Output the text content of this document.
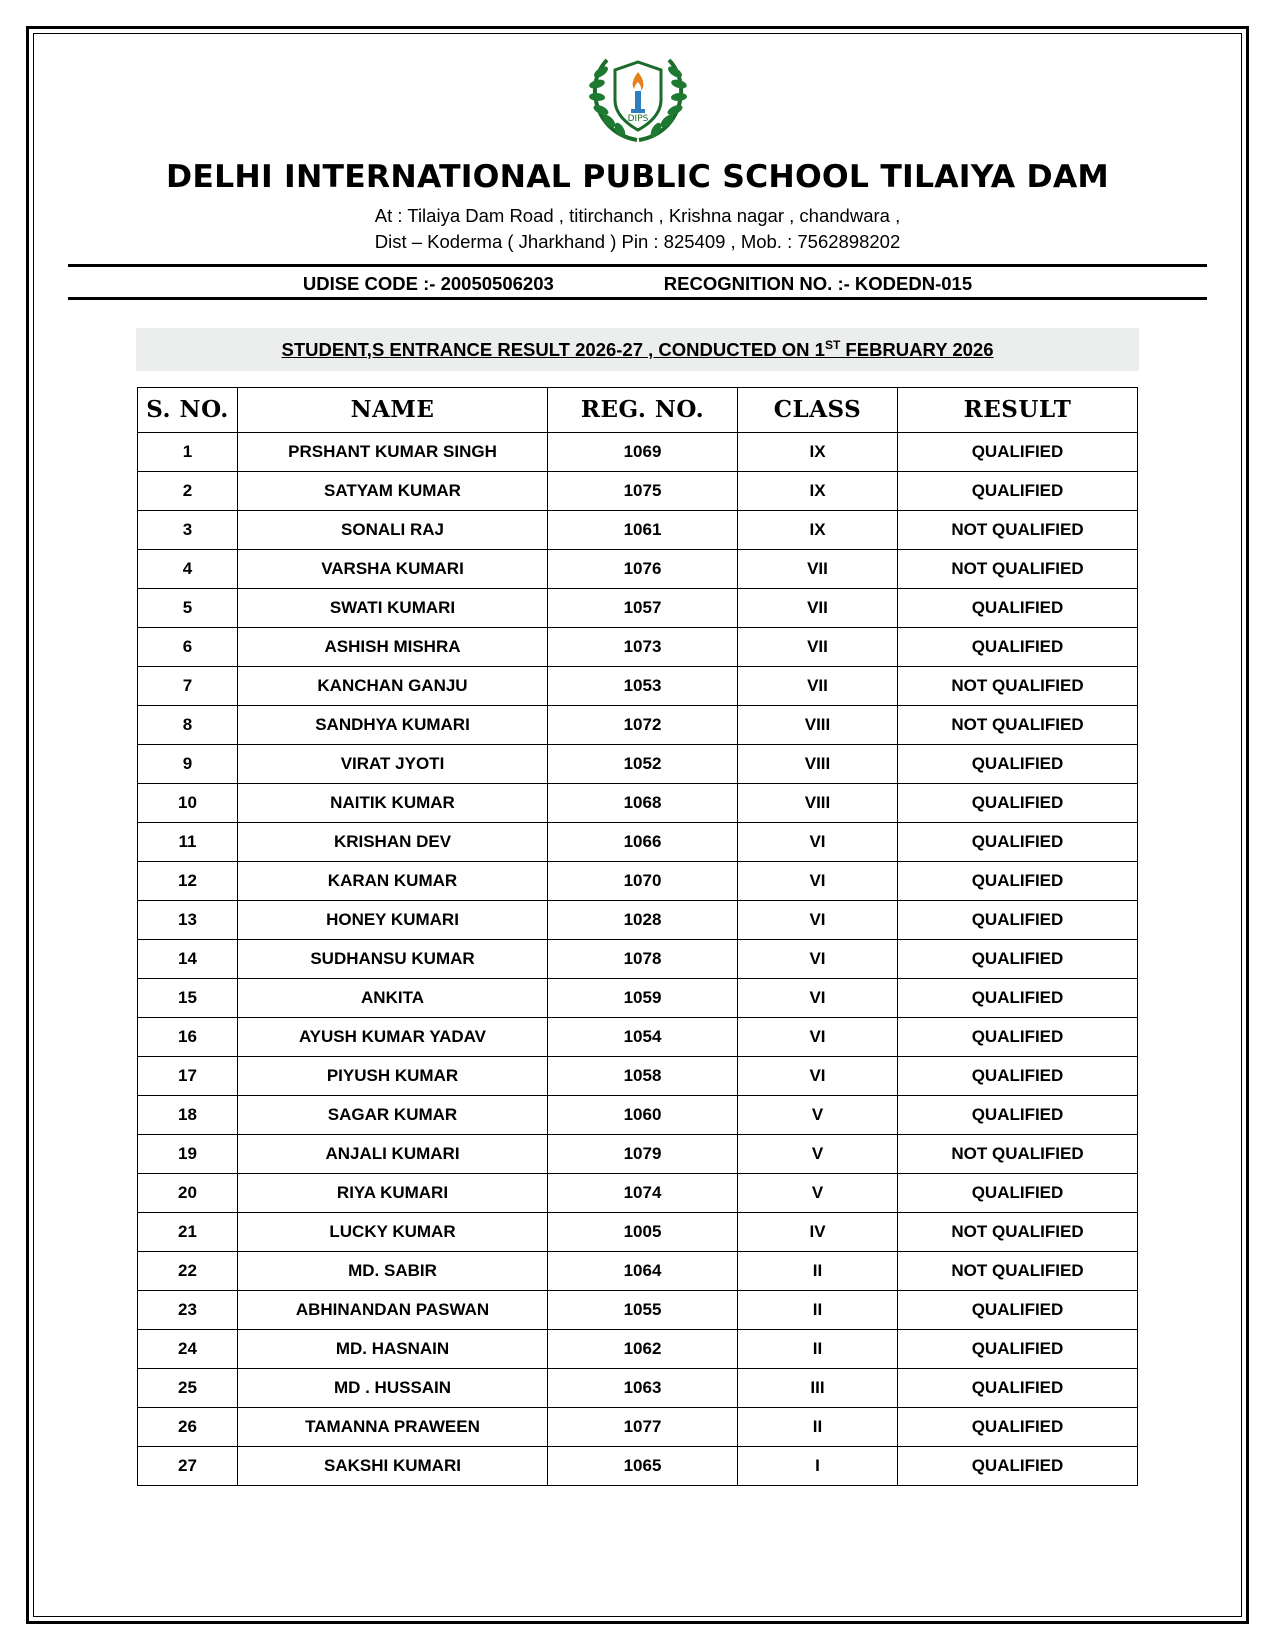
DIPS
DELHI INTERNATIONAL PUBLIC SCHOOL TILAIYA DAM

At : Tilaiya Dam Road , titirchanch , Krishna nagar , chandwara ,

Dist – Koderma ( Jharkhand ) Pin : 825409 , Mob. : 7562898202

UDISE CODE :- 20050506203	RECOGNITION NO. :- KODEDN-015
STUDENT,S ENTRANCE RESULT 2026-27 , CONDUCTED ON 1ST FEBRUARY 2026
S. NO.	NAME	REG. NO.	CLASS	RESULT
1	PRSHANT KUMAR SINGH	1069	IX	QUALIFIED
2	SATYAM KUMAR	1075	IX	QUALIFIED
3	SONALI RAJ	1061	IX	NOT QUALIFIED
4	VARSHA KUMARI	1076	VII	NOT QUALIFIED
5	SWATI KUMARI	1057	VII	QUALIFIED
6	ASHISH MISHRA	1073	VII	QUALIFIED
7	KANCHAN GANJU	1053	VII	NOT QUALIFIED
8	SANDHYA KUMARI	1072	VIII	NOT QUALIFIED
9	VIRAT JYOTI	1052	VIII	QUALIFIED
10	NAITIK KUMAR	1068	VIII	QUALIFIED
11	KRISHAN DEV	1066	VI	QUALIFIED
12	KARAN KUMAR	1070	VI	QUALIFIED
13	HONEY KUMARI	1028	VI	QUALIFIED
14	SUDHANSU KUMAR	1078	VI	QUALIFIED
15	ANKITA	1059	VI	QUALIFIED
16	AYUSH KUMAR YADAV	1054	VI	QUALIFIED
17	PIYUSH KUMAR	1058	VI	QUALIFIED
18	SAGAR KUMAR	1060	V	QUALIFIED
19	ANJALI KUMARI	1079	V	NOT QUALIFIED
20	RIYA KUMARI	1074	V	QUALIFIED
21	LUCKY KUMAR	1005	IV	NOT QUALIFIED
22	MD. SABIR	1064	II	NOT QUALIFIED
23	ABHINANDAN PASWAN	1055	II	QUALIFIED
24	MD. HASNAIN	1062	II	QUALIFIED
25	MD . HUSSAIN	1063	III	QUALIFIED
26	TAMANNA PRAWEEN	1077	II	QUALIFIED
27	SAKSHI KUMARI	1065	I	QUALIFIED
